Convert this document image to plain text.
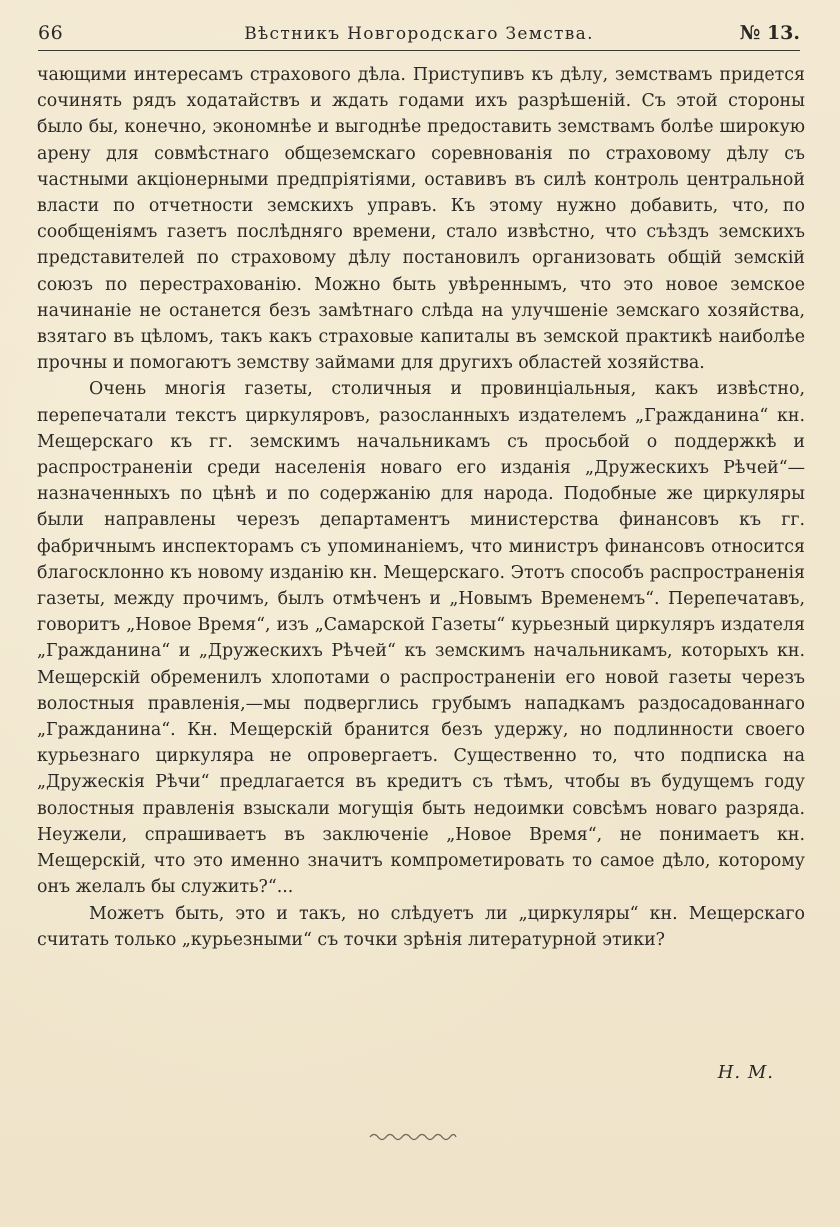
66	Вѣстникъ Новгородскаго Земства.	№ 13.

чающими интересамъ страхового дѣла. Приступивъ къ дѣлу, земствамъ придется сочинять рядъ ходатайствъ и ждать годами ихъ разрѣшеній. Съ этой стороны было бы, конечно, экономнѣе и выгоднѣе предоставить земствамъ болѣе широкую арену для совмѣстнаго общеземскаго соревнованія по страховому дѣлу съ частными акціонерными предпріятіями, оставивъ въ силѣ контроль центральной власти по отчетности земскихъ управъ. Къ этому нужно добавить, что, по сообщеніямъ газетъ послѣдняго времени, стало извѣстно, что съѣздъ земскихъ представителей по страховому дѣлу постановилъ организовать общій земскій союзъ по перестрахованію. Можно быть увѣреннымъ, что это новое земское начинаніе не останется безъ замѣтнаго слѣда на улучшеніе земскаго хозяйства, взятаго въ цѣломъ, такъ какъ страховые капиталы въ земской практикѣ наиболѣе прочны и помогаютъ земству займами для другихъ областей хозяйства.

Очень многія газеты, столичныя и провинціальныя, какъ извѣстно, перепечатали текстъ циркуляровъ, разосланныхъ издателемъ „Гражданина“ кн. Мещерскаго къ гг. земскимъ начальникамъ съ просьбой о поддержкѣ и распространеніи среди населенія новаго его изданія „Дружескихъ Рѣчей“—назначенныхъ по цѣнѣ и по содержанію для народа. Подобные же циркуляры были направлены черезъ департаментъ министерства финансовъ къ гг. фабричнымъ инспекторамъ съ упоминаніемъ, что министръ финансовъ относится благосклонно къ новому изданію кн. Мещерскаго. Этотъ способъ распространенія газеты, между прочимъ, былъ отмѣченъ и „Новымъ Временемъ“. Перепечатавъ, говоритъ „Новое Время“, изъ „Самарской Газеты“ курьезный циркуляръ издателя „Гражданина“ и „Дружескихъ Рѣчей“ къ земскимъ начальникамъ, которыхъ кн. Мещерскій обременилъ хлопотами о распространеніи его новой газеты черезъ волостныя правленія,—мы подверглись грубымъ нападкамъ раздосадованнаго „Гражданина“. Кн. Мещерскій бранится безъ удержу, но подлинности своего курьезнаго циркуляра не опровергаетъ. Существенно то, что подписка на „Дружескія Рѣчи“ предлагается въ кредитъ съ тѣмъ, чтобы въ будущемъ году волостныя правленія взыскали могущія быть недоимки совсѣмъ новаго разряда. Неужели, спрашиваетъ въ заключеніе „Новое Время“, не понимаетъ кн. Мещерскій, что это именно значитъ компрометировать то самое дѣло, которому онъ желалъ бы служить?“...

Можетъ быть, это и такъ, но слѣдуетъ ли „циркуляры“ кн. Мещерскаго считать только „курьезными“ съ точки зрѣнія литературной этики?

Н. М.
